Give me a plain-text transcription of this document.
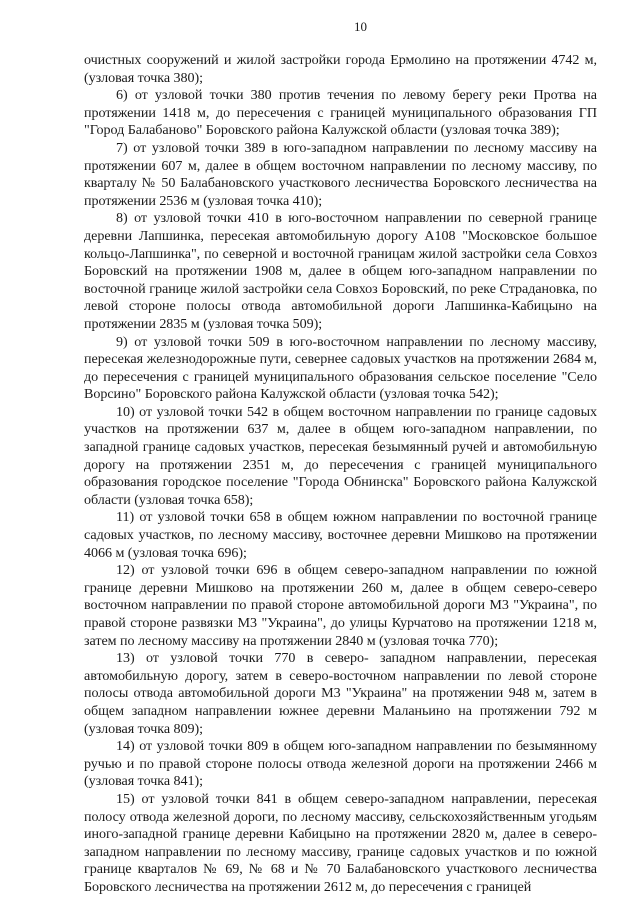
10

очистных сооружений и жилой застройки города Ермолино на протяжении 4742 м, (узловая точка 380);

6) от узловой точки 380 против течения по левому берегу реки Протва на протяжении 1418 м, до пересечения с границей муниципального образования ГП "Город Балабаново" Боровского района Калужской области (узловая точка 389);

7) от узловой точки 389 в юго-западном направлении по лесному массиву на протяжении 607 м, далее в общем восточном направлении по лесному массиву, по кварталу № 50 Балабановского участкового лесничества Боровского лесничества на протяжении 2536 м (узловая точка 410);

8) от узловой точки 410 в юго-восточном направлении по северной границе деревни Лапшинка, пересекая автомобильную дорогу А108 "Московское большое кольцо-Лапшинка", по северной и восточной границам жилой застройки села Совхоз Боровский на протяжении 1908 м, далее в общем юго-западном направлении по восточной границе жилой застройки села Совхоз Боровский, по реке Страдановка, по левой стороне полосы отвода автомобильной дороги Лапшинка-Кабицыно на протяжении 2835 м (узловая точка 509);

9) от узловой точки 509 в юго-восточном направлении по лесному массиву, пересекая железнодорожные пути, севернее садовых участков на протяжении 2684 м, до пересечения с границей муниципального образования сельское поселение "Село Ворсино" Боровского района Калужской области (узловая точка 542);

10) от узловой точки 542 в общем восточном направлении по границе садовых участков на протяжении 637 м, далее в общем юго-западном направлении, по западной границе садовых участков, пересекая безымянный ручей и автомобильную дорогу на протяжении 2351 м, до пересечения с границей муниципального образования городское поселение "Города Обнинска" Боровского района Калужской области (узловая точка 658);

11) от узловой точки 658 в общем южном направлении по восточной границе садовых участков, по лесному массиву, восточнее деревни Мишково на протяжении 4066 м (узловая точка 696);

12) от узловой точки 696 в общем северо-западном направлении по южной границе деревни Мишково на протяжении 260 м, далее в общем северо-северо восточном направлении по правой стороне автомобильной дороги М3 "Украина", по правой стороне развязки М3 "Украина", до улицы Курчатово на протяжении 1218 м, затем по лесному массиву на протяжении 2840 м (узловая точка 770);

13) от узловой точки 770 в северо- западном направлении, пересекая автомобильную дорогу, затем в северо-восточном направлении по левой стороне полосы отвода автомобильной дороги М3 "Украина" на протяжении 948 м, затем в общем западном направлении южнее деревни Маланьино на протяжении 792 м (узловая точка 809);

14) от узловой точки 809 в общем юго-западном направлении по безымянному ручью и по правой стороне полосы отвода железной дороги на протяжении 2466 м (узловая точка 841);

15) от узловой точки 841 в общем северо-западном направлении, пересекая полосу отвода железной дороги, по лесному массиву, сельскохозяйственным угодьям иного-западной границе деревни Кабицыно на протяжении 2820 м, далее в северо-западном направлении по лесному массиву, границе садовых участков и по южной границе кварталов № 69, № 68 и № 70 Балабановского участкового лесничества Боровского лесничества на протяжении 2612 м, до пересечения с границей
